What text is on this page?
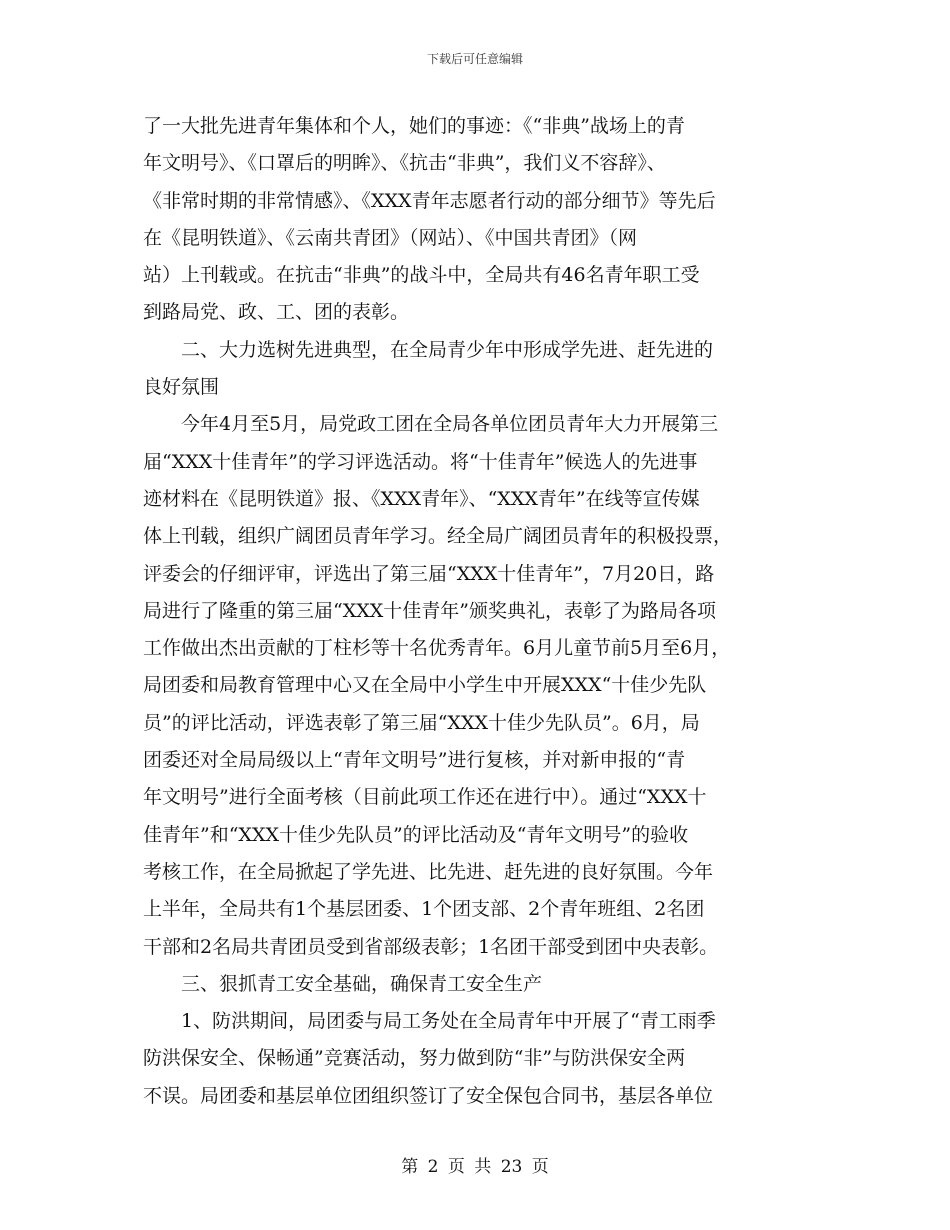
下载后可任意编辑
了一大批先进青年集体和个人，她们的事迹：《“非典”战场上的青
年文明号》、《口罩后的明眸》、《抗击“非典”，我们义不容辞》、
《非常时期的非常情感》、《XXX青年志愿者行动的部分细节》等先后
在《昆明铁道》、《云南共青团》（网站）、《中国共青团》（网
站）上刊载或。在抗击“非典”的战斗中，全局共有46名青年职工受
到路局党、政、工、团的表彰。
二、大力选树先进典型，在全局青少年中形成学先进、赶先进的
良好氛围
今年4月至5月，局党政工团在全局各单位团员青年大力开展第三
届“XXX十佳青年”的学习评选活动。将“十佳青年”候选人的先进事
迹材料在《昆明铁道》报、《XXX青年》、“XXX青年”在线等宣传媒
体上刊载，组织广阔团员青年学习。经全局广阔团员青年的积极投票，
评委会的仔细评审，评选出了第三届“XXX十佳青年”，7月20日，路
局进行了隆重的第三届“XXX十佳青年”颁奖典礼，表彰了为路局各项
工作做出杰出贡献的丁柱杉等十名优秀青年。6月儿童节前5月至6月，
局团委和局教育管理中心又在全局中小学生中开展XXX“十佳少先队
员”的评比活动，评选表彰了第三届“XXX十佳少先队员”。6月，局
团委还对全局局级以上“青年文明号”进行复核，并对新申报的“青
年文明号”进行全面考核（目前此项工作还在进行中）。通过“XXX十
佳青年”和“XXX十佳少先队员”的评比活动及“青年文明号”的验收
考核工作，在全局掀起了学先进、比先进、赶先进的良好氛围。今年
上半年，全局共有1个基层团委、1个团支部、2个青年班组、2名团
干部和2名局共青团员受到省部级表彰；1名团干部受到团中央表彰。
三、狠抓青工安全基础，确保青工安全生产
1、防洪期间，局团委与局工务处在全局青年中开展了“青工雨季
防洪保安全、保畅通”竞赛活动，努力做到防“非”与防洪保安全两
不误。局团委和基层单位团组织签订了安全保包合同书，基层各单位
第 2 页 共 23 页
